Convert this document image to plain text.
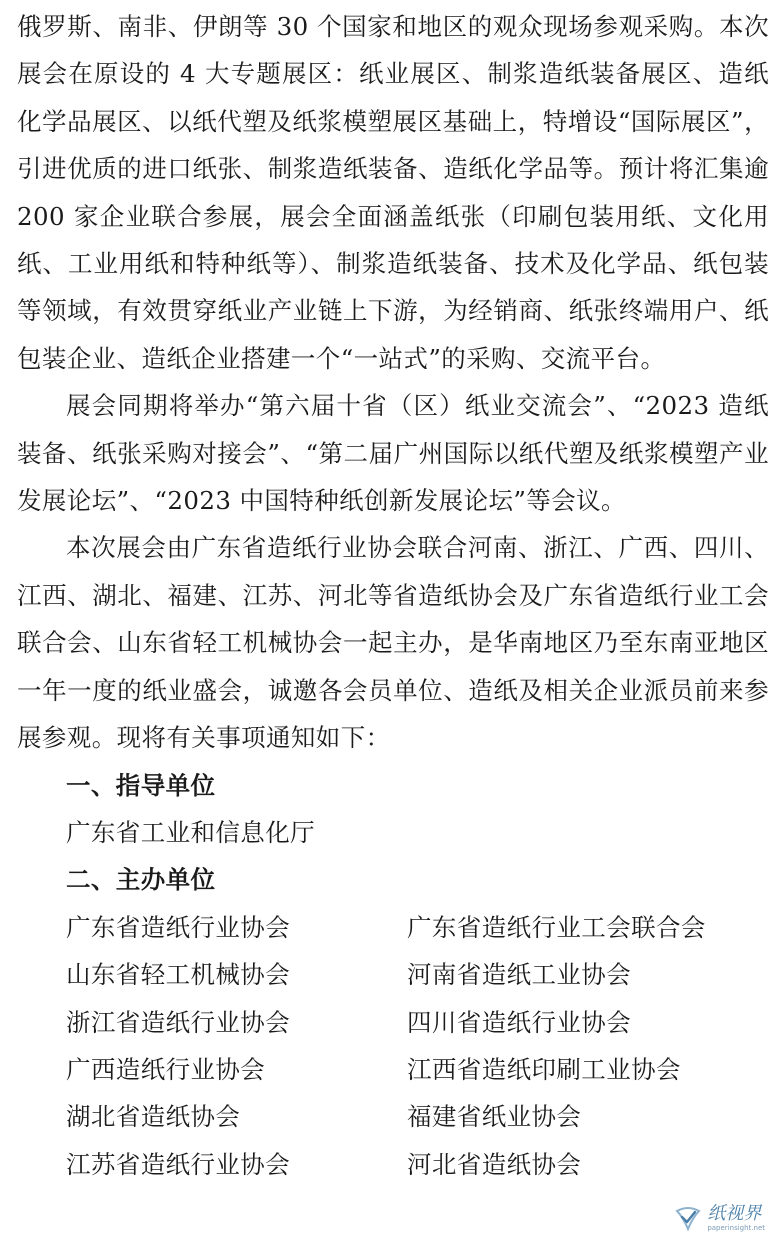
俄罗斯、南非、伊朗等 30 个国家和地区的观众现场参观采购。本次展会在原设的 4 大专题展区：纸业展区、制浆造纸装备展区、造纸化学品展区、以纸代塑及纸浆模塑展区基础上，特增设“国际展区”，引进优质的进口纸张、制浆造纸装备、造纸化学品等。预计将汇集逾200 家企业联合参展，展会全面涵盖纸张（印刷包装用纸、文化用纸、工业用纸和特种纸等）、制浆造纸装备、技术及化学品、纸包装等领域，有效贯穿纸业产业链上下游，为经销商、纸张终端用户、纸包装企业、造纸企业搭建一个“一站式”的采购、交流平台。

展会同期将举办“第六届十省（区）纸业交流会”、“2023 造纸装备、纸张采购对接会”、“第二届广州国际以纸代塑及纸浆模塑产业发展论坛”、“2023 中国特种纸创新发展论坛”等会议。

本次展会由广东省造纸行业协会联合河南、浙江、广西、四川、江西、湖北、福建、江苏、河北等省造纸协会及广东省造纸行业工会联合会、山东省轻工机械协会一起主办，是华南地区乃至东南亚地区一年一度的纸业盛会，诚邀各会员单位、造纸及相关企业派员前来参展参观。现将有关事项通知如下：

一、指导单位
广东省工业和信息化厅
二、主办单位
广东省造纸行业协会	广东省造纸行业工会联合会
山东省轻工机械协会	河南省造纸工业协会
浙江省造纸行业协会	四川省造纸行业协会
广西造纸行业协会	江西省造纸印刷工业协会
湖北省造纸协会	福建省纸业协会
江苏省造纸行业协会	河北省造纸协会
纸视界
paperinsight.net
